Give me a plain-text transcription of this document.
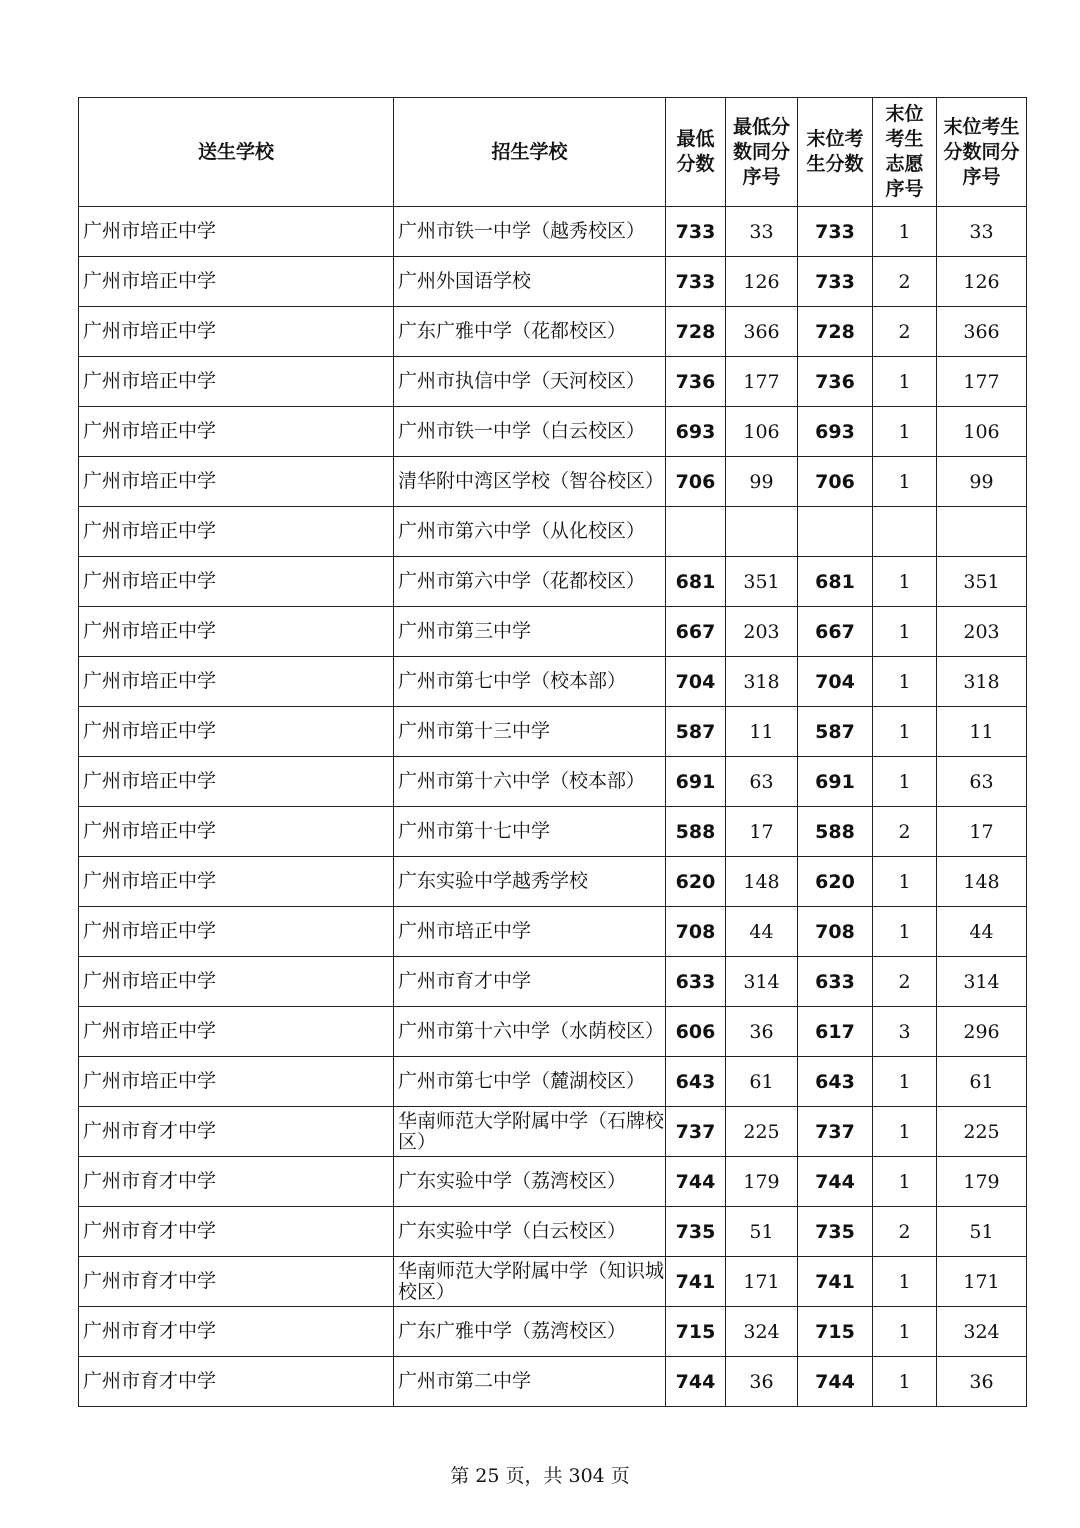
送生学校	招生学校	最低分数	最低分数同分序号	末位考生分数	末位考生志愿序号	末位考生分数同分序号

广州市培正中学	广州市铁一中学（越秀校区）	733	33	733	1	33
广州市培正中学	广州外国语学校	733	126	733	2	126
广州市培正中学	广东广雅中学（花都校区）	728	366	728	2	366
广州市培正中学	广州市执信中学（天河校区）	736	177	736	1	177
广州市培正中学	广州市铁一中学（白云校区）	693	106	693	1	106
广州市培正中学	清华附中湾区学校（智谷校区）	706	99	706	1	99
广州市培正中学	广州市第六中学（从化校区）					
广州市培正中学	广州市第六中学（花都校区）	681	351	681	1	351
广州市培正中学	广州市第三中学	667	203	667	1	203
广州市培正中学	广州市第七中学（校本部）	704	318	704	1	318
广州市培正中学	广州市第十三中学	587	11	587	1	11
广州市培正中学	广州市第十六中学（校本部）	691	63	691	1	63
广州市培正中学	广州市第十七中学	588	17	588	2	17
广州市培正中学	广东实验中学越秀学校	620	148	620	1	148
广州市培正中学	广州市培正中学	708	44	708	1	44
广州市培正中学	广州市育才中学	633	314	633	2	314
广州市培正中学	广州市第十六中学（水荫校区）	606	36	617	3	296
广州市培正中学	广州市第七中学（麓湖校区）	643	61	643	1	61
广州市育才中学	华南师范大学附属中学（石牌校区）	737	225	737	1	225
广州市育才中学	广东实验中学（荔湾校区）	744	179	744	1	179
广州市育才中学	广东实验中学（白云校区）	735	51	735	2	51
广州市育才中学	华南师范大学附属中学（知识城校区）	741	171	741	1	171
广州市育才中学	广东广雅中学（荔湾校区）	715	324	715	1	324
广州市育才中学	广州市第二中学	744	36	744	1	36
第 25 页，共 304 页
